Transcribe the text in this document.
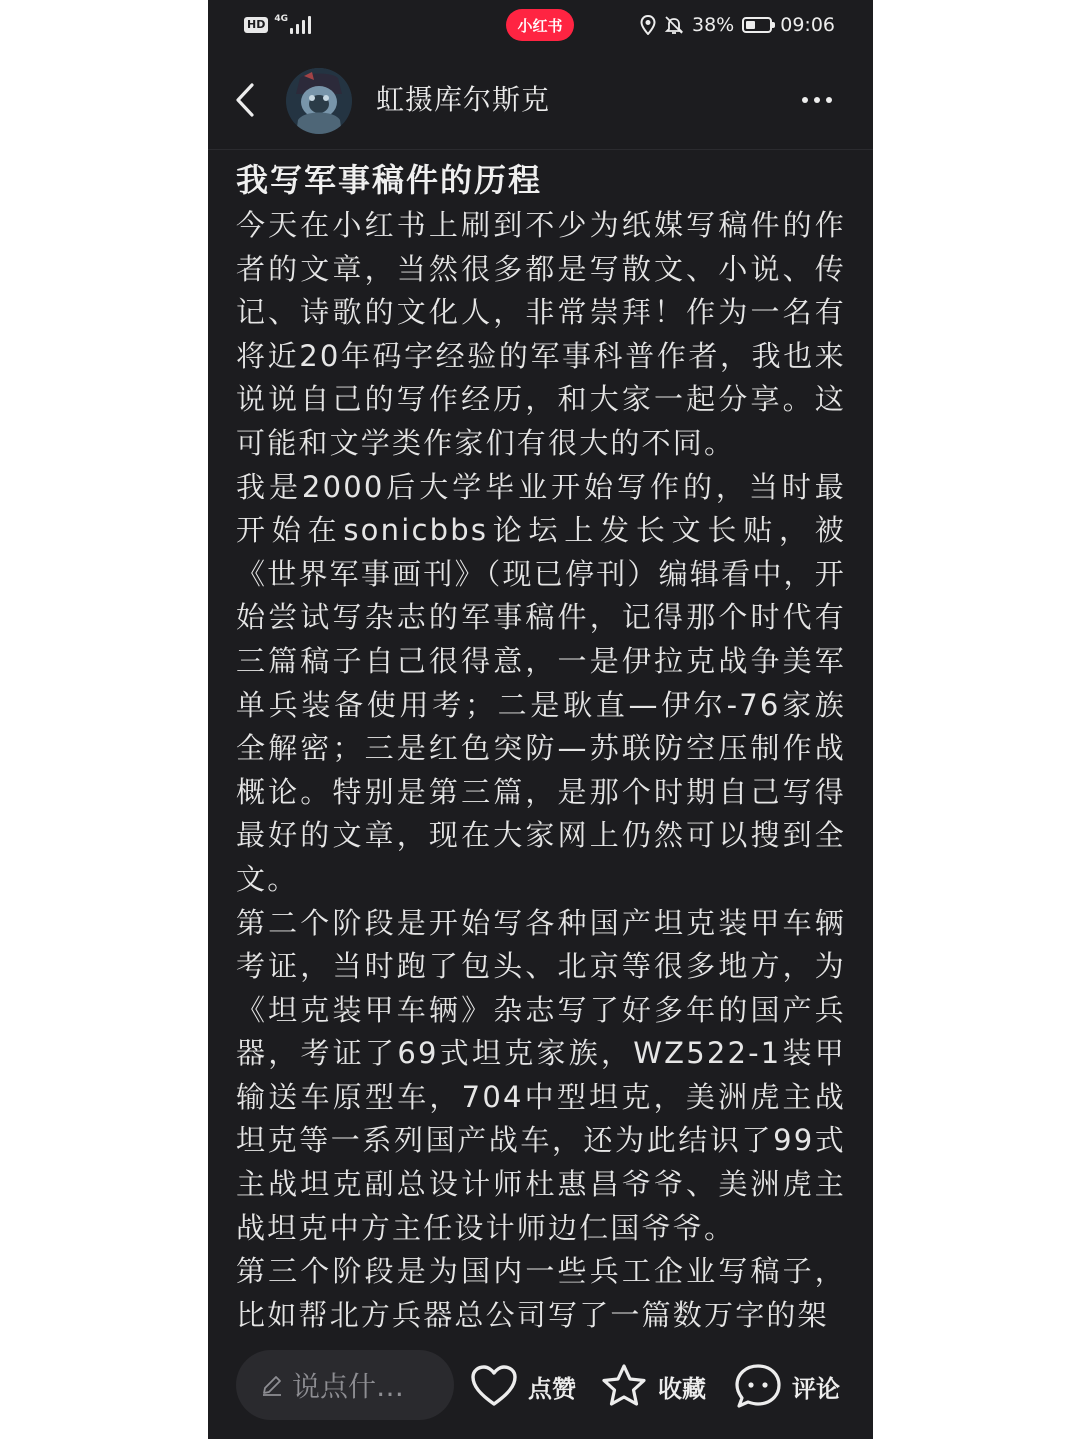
HD	4G	小红书	38% 09:06
虹摄库尔斯克
我写军事稿件的历程

今天在小红书上刷到不少为纸媒写稿件的作者的文章，当然很多都是写散文、小说、传记、诗歌的文化人，非常崇拜！作为一名有将近20年码字经验的军事科普作者，我也来说说自己的写作经历，和大家一起分享。这可能和文学类作家们有很大的不同。

我是2000后大学毕业开始写作的，当时最开始在sonicbbs论坛上发长文长贴，被《世界军事画刊》（现已停刊）编辑看中，开始尝试写杂志的军事稿件，记得那个时代有三篇稿子自己很得意，一是伊拉克战争美军单兵装备使用考；二是耿直—伊尔-76家族全解密；三是红色突防—苏联防空压制作战概论。特别是第三篇，是那个时期自己写得最好的文章，现在大家网上仍然可以搜到全文。

第二个阶段是开始写各种国产坦克装甲车辆考证，当时跑了包头、北京等很多地方，为《坦克装甲车辆》杂志写了好多年的国产兵器，考证了69式坦克家族，WZ522-1装甲输送车原型车，704中型坦克，美洲虎主战坦克等一系列国产战车，还为此结识了99式主战坦克副总设计师杜惠昌爷爷、美洲虎主战坦克中方主任设计师边仁国爷爷。

第三个阶段是为国内一些兵工企业写稿子，比如帮北方兵器总公司写了一篇数万字的架

说点什…	点赞	收藏	评论
